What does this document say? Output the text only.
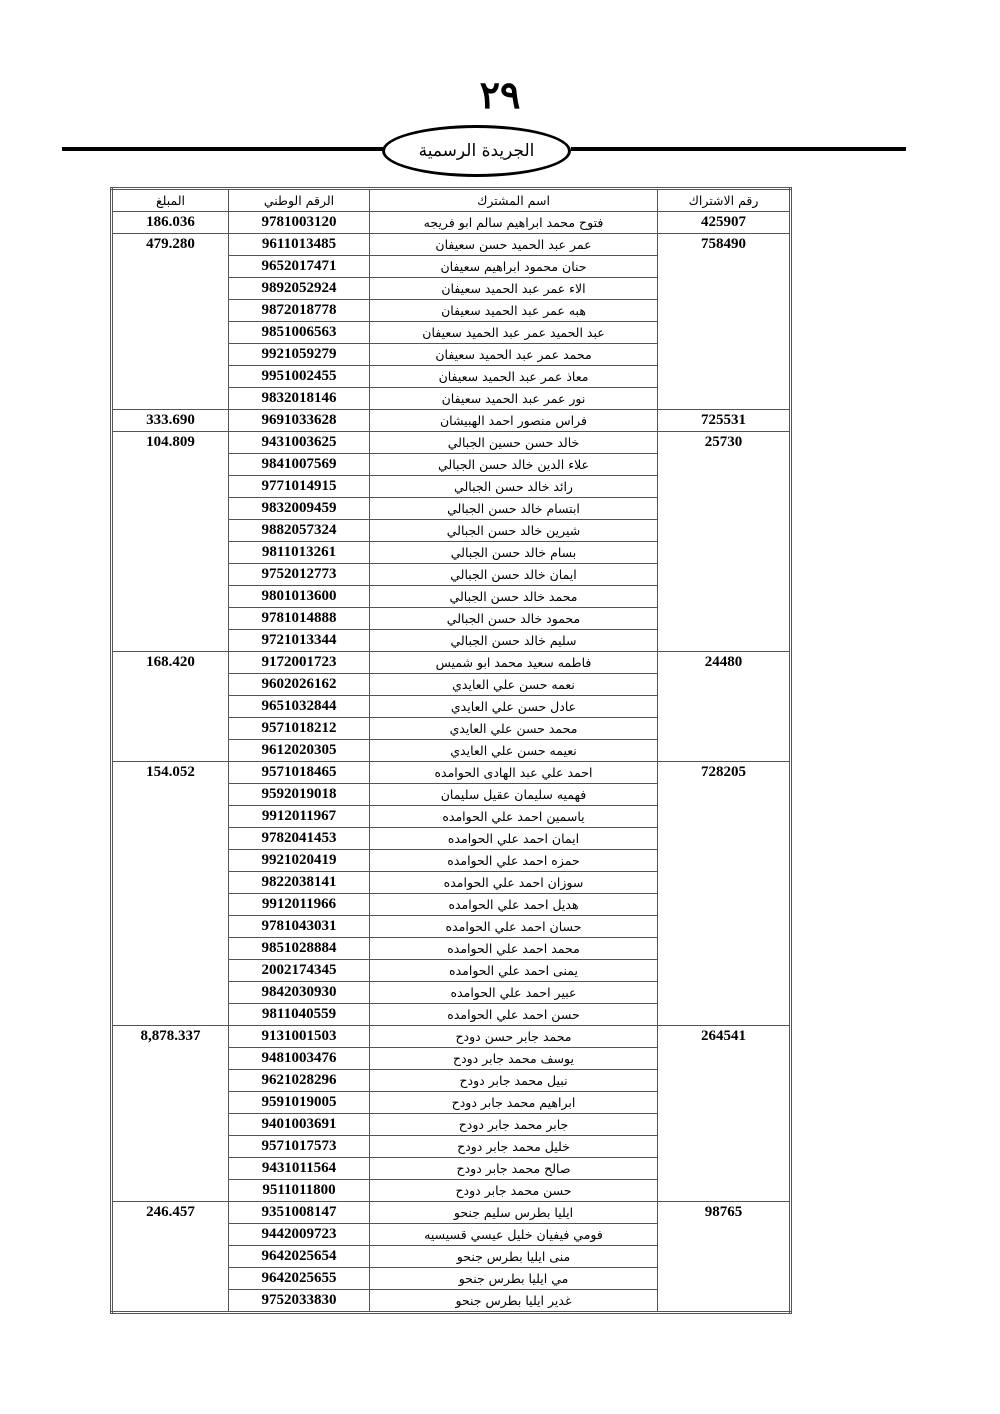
٢٩
الجريدة الرسمية
المبلغ	الرقم الوطني	اسم المشترك	رقم الاشتراك
186.036	9781003120	فتوح محمد ابراهيم سالم ابو فريجه	425907
479.280	9611013485	عمر عبد الحميد حسن سعيفان	758490
	9652017471	حنان محمود ابراهيم سعيفان	
	9892052924	الاء عمر عبد الحميد سعيفان	
	9872018778	هبه عمر عبد الحميد سعيفان	
	9851006563	عبد الحميد عمر عبد الحميد سعيفان	
	9921059279	محمد عمر عبد الحميد سعيفان	
	9951002455	معاذ عمر عبد الحميد سعيفان	
	9832018146	نور عمر عبد الحميد سعيفان	
333.690	9691033628	فراس منصور احمد الهبيشان	725531
104.809	9431003625	خالد حسن حسين الجبالي	25730
	9841007569	علاء الدين خالد حسن الجبالي	
	9771014915	رائد خالد حسن الجبالي	
	9832009459	ابتسام خالد حسن الجبالي	
	9882057324	شيرين خالد حسن الجبالي	
	9811013261	بسام خالد حسن الجبالي	
	9752012773	ايمان خالد حسن الجبالي	
	9801013600	محمد خالد حسن الجبالي	
	9781014888	محمود خالد حسن الجبالي	
	9721013344	سليم خالد حسن الجبالي	
168.420	9172001723	فاطمه سعيد محمد ابو شميس	24480
	9602026162	نعمه حسن علي العايدي	
	9651032844	عادل حسن علي العايدي	
	9571018212	محمد حسن علي العايدي	
	9612020305	نعيمه حسن علي العايدي	
154.052	9571018465	احمد علي عبد الهادى الحوامده	728205
	9592019018	فهميه سليمان عقيل سليمان	
	9912011967	ياسمين احمد علي الحوامده	
	9782041453	ايمان احمد علي الحوامده	
	9921020419	حمزه احمد علي الحوامده	
	9822038141	سوزان احمد علي الحوامده	
	9912011966	هديل احمد علي الحوامده	
	9781043031	حسان احمد علي الحوامده	
	9851028884	محمد احمد علي الحوامده	
	2002174345	يمنى احمد علي الحوامده	
	9842030930	عبير احمد علي الحوامده	
	9811040559	حسن احمد علي الحوامده	
8,878.337	9131001503	محمد جابر حسن دودح	264541
	9481003476	يوسف محمد جابر دودح	
	9621028296	نبيل محمد جابر دودح	
	9591019005	ابراهيم محمد جابر دودح	
	9401003691	جابر محمد جابر دودح	
	9571017573	خليل محمد جابر دودح	
	9431011564	صالح محمد جابر دودح	
	9511011800	حسن محمد جابر دودح	
246.457	9351008147	ايليا بطرس سليم جنحو	98765
	9442009723	فومي فيفيان خليل عيسي قسيسيه	
	9642025654	منى ايليا بطرس جنحو	
	9642025655	مي ايليا بطرس جنحو	
	9752033830	غدير ايليا بطرس جنحو	
